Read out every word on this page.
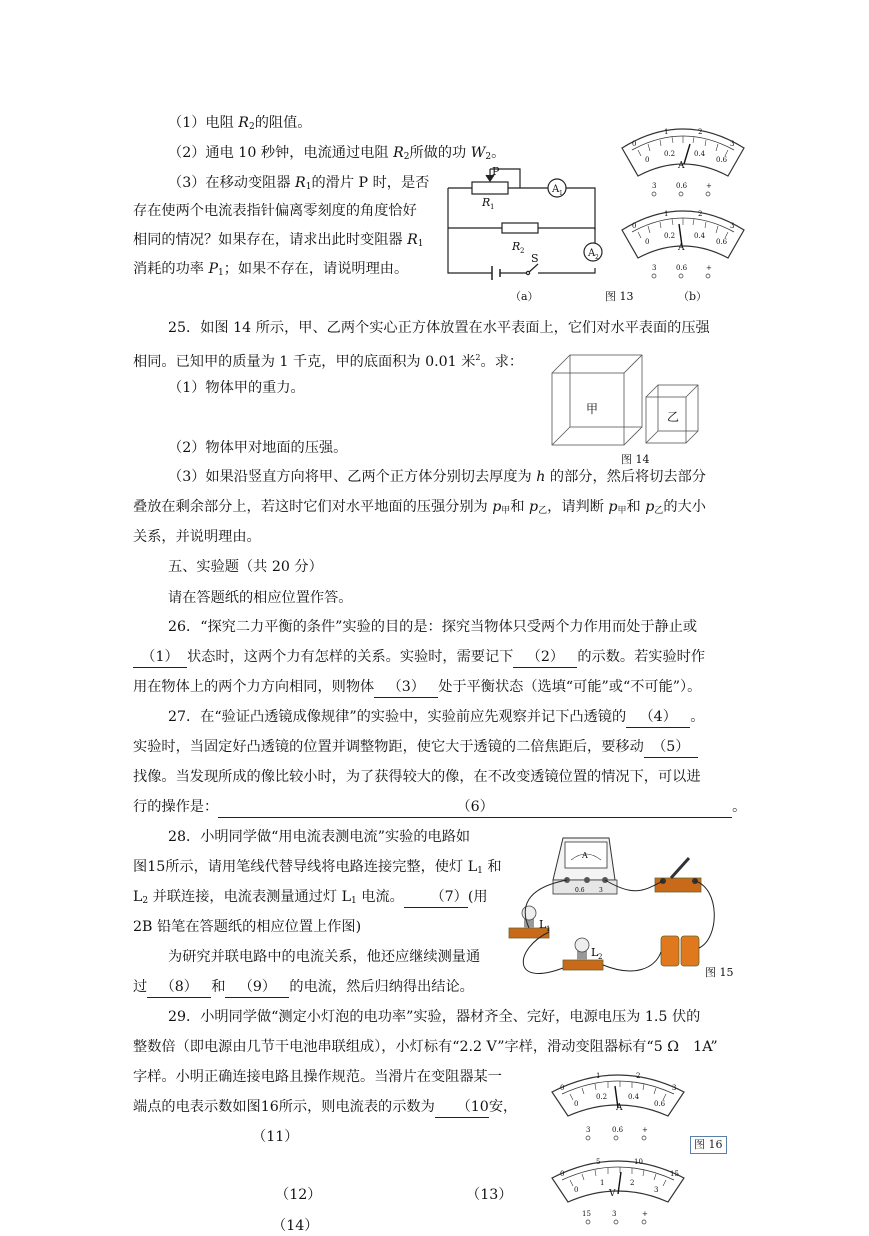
（1）电阻 $R_2$的阻值。
（2）通电 10 秒钟，电流通过电阻 $R_2$所做的功 $W_2$。
（3）在移动变阻器 $R_1$的滑片 P 时，是否
存在使两个电流表指针偏离零刻度的角度恰好
相同的情况？如果存在，请求出此时变阻器 $R_1$
消耗的功率 $P_1$；如果不存在，请说明理由。
P
R 1
R 2
S
A 1
A 2
（a）	图 13	（b）
0
1	2
3
0
0.2	0.4
0.6
A
3	0.6	+
0
1	2
3
0
0.2	0.4
0.6
A
3	0.6	+
25．如图 14 所示，甲、乙两个实心正方体放置在水平表面上，它们对水平表面的压强
相同。已知甲的质量为 1 千克，甲的底面积为 0.01 米$^2$。求：
（1）物体甲的重力。
（2）物体甲对地面的压强。
（3）如果沿竖直方向将甲、乙两个正方体分别切去厚度为 h 的部分，然后将切去部分
叠放在剩余部分上，若这时它们对水平地面的压强分别为 $p_甲$和 $p_乙$，请判断 $p_甲$和 $p_乙$的大小
关系，并说明理由。
甲
乙
图 14
五、实验题（共 20 分）
请在答题纸的相应位置作答。
26．“探究二力平衡的条件”实验的目的是：探究当物体只受两个力作用而处于静止或
（1） 状态时，这两个力有怎样的关系。实验时，需要记下 （2） 的示数。若实验时作
用在物体上的两个力方向相同，则物体 （3） 处于平衡状态（选填“可能”或“不可能”）。
27．在“验证凸透镜成像规律”的实验中，实验前应先观察并记下凸透镜的 （4） 。
实验时，当固定好凸透镜的位置并调整物距，使它大于透镜的二倍焦距后，要移动 （5）
找像。当发现所成的像比较小时，为了获得较大的像，在不改变透镜位置的情况下，可以进
行的操作是：	（6）	。
28．小明同学做“用电流表测电流”实验的电路如
图15所示，请用笔线代替导线将电路连接完整，使灯 $L_1$ 和
$L_2$ 并联连接，电流表测量通过灯 $L_1$ 电流。 （7）(用
2B 铅笔在答题纸的相应位置上作图)
为研究并联电路中的电流关系，他还应继续测量通
过 （8） 和 （9） 的电流，然后归纳得出结论。
A
0.6 3
L 1
L 2
图 15
29．小明同学做“测定小灯泡的电功率”实验，器材齐全、完好，电源电压为 1.5 伏的
整数倍（即电源由几节干电池串联组成），小灯标有“2.2 V”字样，滑动变阻器标有“5 Ω　1A”
字样。小明正确连接电路且操作规范。当滑片在变阻器某一
端点的电表示数如图16所示，则电流表的示数为 （10安，
（11）
（12）	（13）
（14）
0
1	2
3
0
0.2	0.4
0.6
A
3	0.6	+
图 16
0
5	10
15
0
1	2
3
V
15	3	+
